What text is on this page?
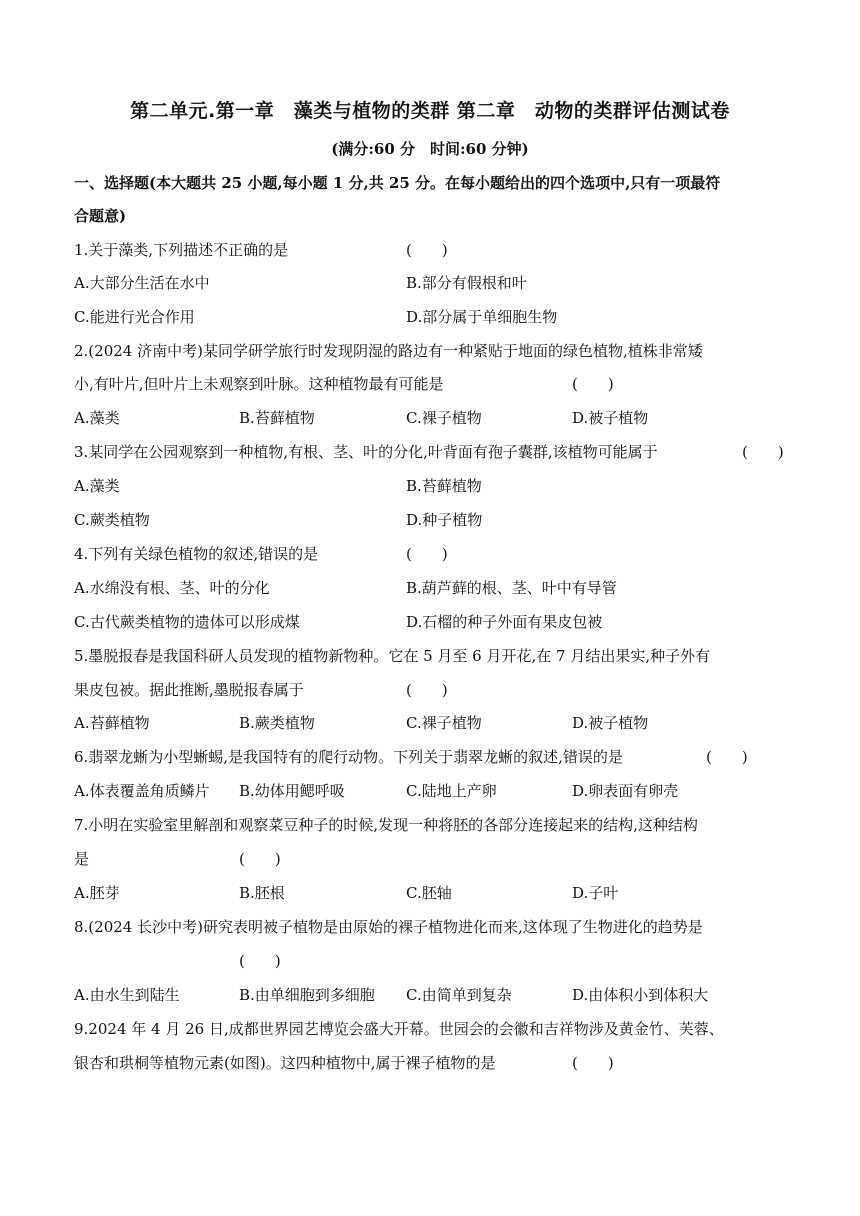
第二单元.第一章　藻类与植物的类群 第二章　动物的类群评估测试卷
(满分:60 分　时间:60 分钟)
一、选择题(本大题共 25 小题,每小题 1 分,共 25 分。在每小题给出的四个选项中,只有一项最符
合题意)
1.关于藻类,下列描述不正确的是	(　　)
A.大部分生活在水中	B.部分有假根和叶
C.能进行光合作用	D.部分属于单细胞生物
2.(2024 济南中考)某同学研学旅行时发现阴湿的路边有一种紧贴于地面的绿色植物,植株非常矮
小,有叶片,但叶片上未观察到叶脉。这种植物最有可能是	(　　)
A.藻类	B.苔藓植物	C.裸子植物	D.被子植物
3.某同学在公园观察到一种植物,有根、茎、叶的分化,叶背面有孢子囊群,该植物可能属于	(　　)
A.藻类	B.苔藓植物
C.蕨类植物	D.种子植物
4.下列有关绿色植物的叙述,错误的是	(　　)
A.水绵没有根、茎、叶的分化	B.葫芦藓的根、茎、叶中有导管
C.古代蕨类植物的遗体可以形成煤	D.石榴的种子外面有果皮包被
5.墨脱报春是我国科研人员发现的植物新物种。它在 5 月至 6 月开花,在 7 月结出果实,种子外有
果皮包被。据此推断,墨脱报春属于	(　　)
A.苔藓植物	B.蕨类植物	C.裸子植物	D.被子植物
6.翡翠龙蜥为小型蜥蜴,是我国特有的爬行动物。下列关于翡翠龙蜥的叙述,错误的是	(　　)
A.体表覆盖角质鳞片 B.幼体用鳃呼吸	C.陆地上产卵	D.卵表面有卵壳
7.小明在实验室里解剖和观察菜豆种子的时候,发现一种将胚的各部分连接起来的结构,这种结构
是	(　　)
A.胚芽	B.胚根	C.胚轴	D.子叶
8.(2024 长沙中考)研究表明被子植物是由原始的裸子植物进化而来,这体现了生物进化的趋势是
(　　)
A.由水生到陆生	B.由单细胞到多细胞 C.由简单到复杂	D.由体积小到体积大
9.2024 年 4 月 26 日,成都世界园艺博览会盛大开幕。世园会的会徽和吉祥物涉及黄金竹、芙蓉、
银杏和珙桐等植物元素(如图)。这四种植物中,属于裸子植物的是	(　　)
